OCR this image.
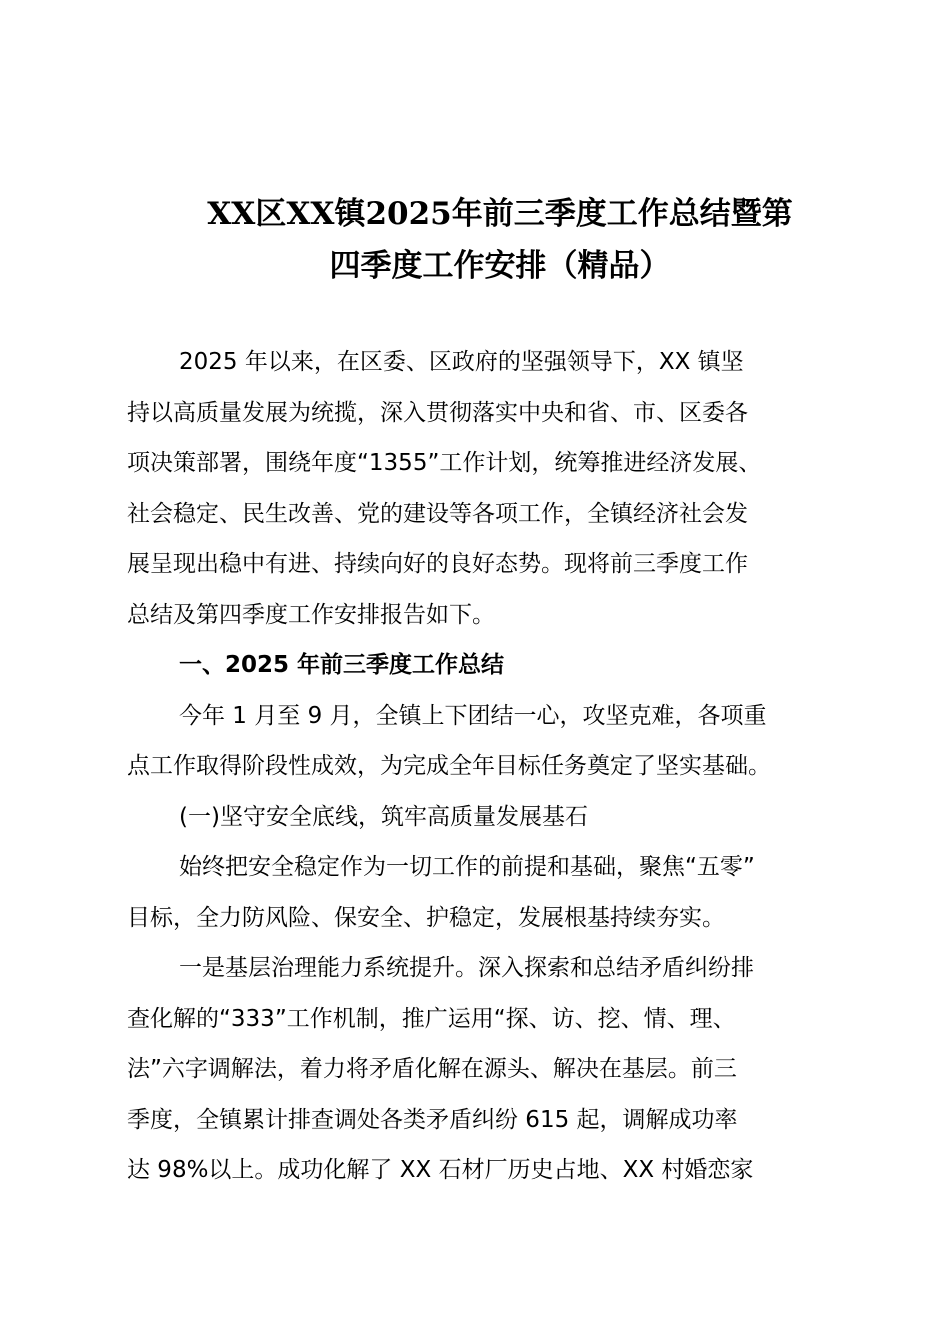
XX区XX镇2025年前三季度工作总结暨第
四季度工作安排（精品）
2025 年以来，在区委、区政府的坚强领导下，XX 镇坚
持以高质量发展为统揽，深入贯彻落实中央和省、市、区委各
项决策部署，围绕年度“1355”工作计划，统筹推进经济发展、
社会稳定、民生改善、党的建设等各项工作，全镇经济社会发
展呈现出稳中有进、持续向好的良好态势。现将前三季度工作
总结及第四季度工作安排报告如下。
一、2025 年前三季度工作总结
今年 1 月至 9 月，全镇上下团结一心，攻坚克难，各项重
点工作取得阶段性成效，为完成全年目标任务奠定了坚实基础。
(一)坚守安全底线，筑牢高质量发展基石
始终把安全稳定作为一切工作的前提和基础，聚焦“五零”
目标，全力防风险、保安全、护稳定，发展根基持续夯实。
一是基层治理能力系统提升。深入探索和总结矛盾纠纷排
查化解的“333”工作机制，推广运用“探、访、挖、情、理、
法”六字调解法，着力将矛盾化解在源头、解决在基层。前三
季度，全镇累计排查调处各类矛盾纠纷 615 起，调解成功率
达 98%以上。成功化解了 XX 石材厂历史占地、XX 村婚恋家
